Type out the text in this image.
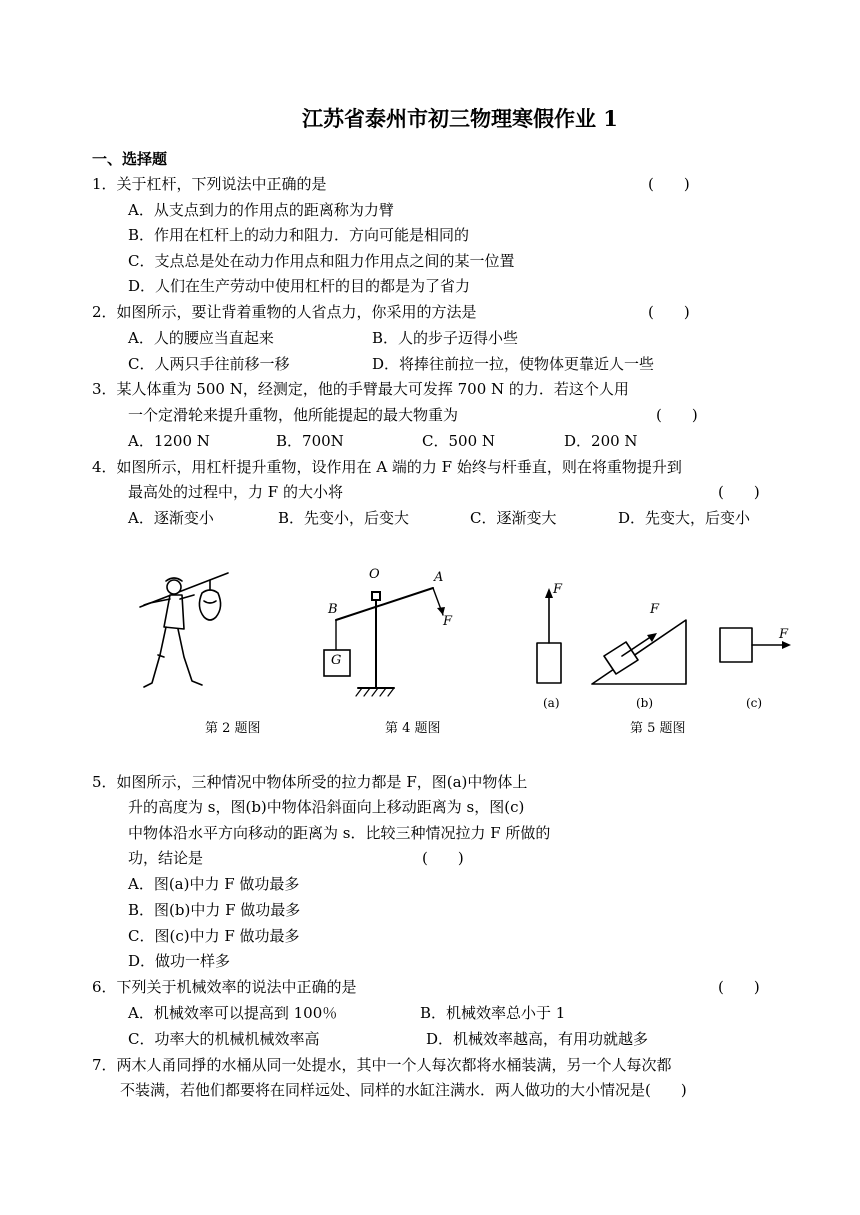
江苏省泰州市初三物理寒假作业 1
一、选择题
1．关于杠杆，下列说法中正确的是	(　　)
A．从支点到力的作用点的距离称为力臂
B．作用在杠杆上的动力和阻力．方向可能是相同的
C．支点总是处在动力作用点和阻力作用点之间的某一位置
D．人们在生产劳动中使用杠杆的目的都是为了省力
2．如图所示，要让背着重物的人省点力，你采用的方法是	(　　)
A．人的腰应当直起来	B．人的步子迈得小些
C．人两只手往前移一移	D．将捧往前拉一拉，使物体更靠近人一些
3．某人体重为 500 N，经测定，他的手臂最大可发挥 700 N 的力．若这个人用
一个定滑轮来提升重物，他所能提起的最大物重为	(　　)
A．1200 N	B．700N	C．500 N	D．200 N
4．如图所示，用杠杆提升重物，设作用在 A 端的力 F 始终与杆垂直，则在将重物提升到
最高处的过程中，力 F 的大小将	(　　)
A．逐渐变小	B．先变小，后变大	C．逐渐变大	D．先变大，后变小
第 2 题图
O	A
B
F
G
第 4 题图
F
F
F
(a)	(b)	(c)
第 5 题图
5．如图所示，三种情况中物体所受的拉力都是 F，图(a)中物体上
升的高度为 s，图(b)中物体沿斜面向上移动距离为 s，图(c)
中物体沿水平方向移动的距离为 s．比较三种情况拉力 F 所做的
功，结论是	(　　)
A．图(a)中力 F 做功最多
B．图(b)中力 F 做功最多
C．图(c)中力 F 做功最多
D．做功一样多
6．下列关于机械效率的说法中正确的是	(　　)
A．机械效率可以提高到 100％	B．机械效率总小于 1
C．功率大的机械机械效率高	D．机械效率越高，有用功就越多
7．两木人甬同掙的水桶从同一处提水，其中一个人每次都将水桶装满，另一个人每次都
不装满，若他们都要将在同样远处、同样的水缸注满水．两人做功的大小情况是(　　)
